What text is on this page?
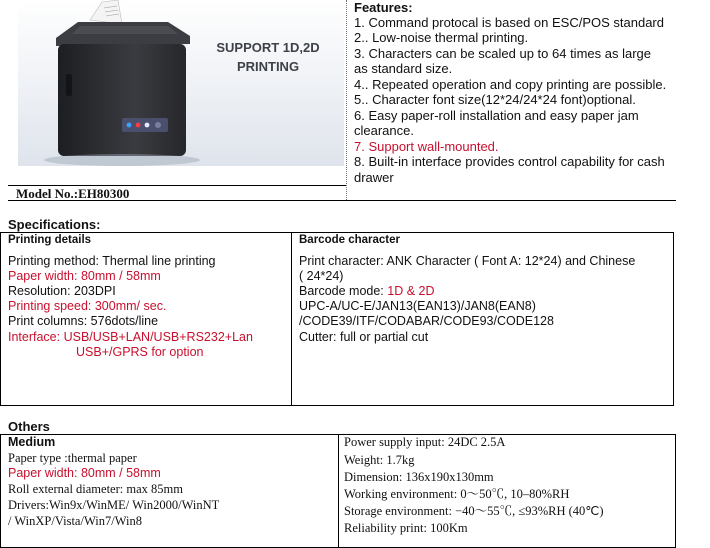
SUPPORT 1D,2D
PRINTING
Model No.:EH80300
Features:
1. Command protocal is based on ESC/POS standard
2.. Low-noise thermal printing.
3. Characters can be scaled up to 64 times as large
as standard size.
4.. Repeated operation and copy printing are possible.
5.. Character font size(12*24/24*24 font)optional.
6. Easy paper-roll installation and easy paper jam
clearance.
7. Support wall-mounted.
8. Built-in interface provides control capability for cash
drawer
Specifications:
Printing details
Printing method: Thermal line printing
Paper width: 80mm / 58mm
Resolution: 203DPI
Printing speed: 300mm/ sec.
Print columns: 576dots/line
Interface: USB/USB+LAN/USB+RS232+Lan
USB+/GPRS for option
Barcode character
Print character: ANK Character ( Font A: 12*24) and Chinese
( 24*24)
Barcode mode: 1D & 2D
UPC-A/UC-E/JAN13(EAN13)/JAN8(EAN8)
/CODE39/ITF/CODABAR/CODE93/CODE128
Cutter: full or partial cut
Others
Medium
Paper type :thermal paper
Paper width: 80mm / 58mm
Roll external diameter: max 85mm
Drivers:Win9x/WinME/ Win2000/WinNT
/ WinXP/Vista/Win7/Win8
Power supply input: 24DC 2.5A
Weight: 1.7kg
Dimension: 136x190x130mm
Working environment: 0〜50℃, 10–80%RH
Storage environment: −40〜55℃, ≤93%RH (40℃)
Reliability print: 100Km
